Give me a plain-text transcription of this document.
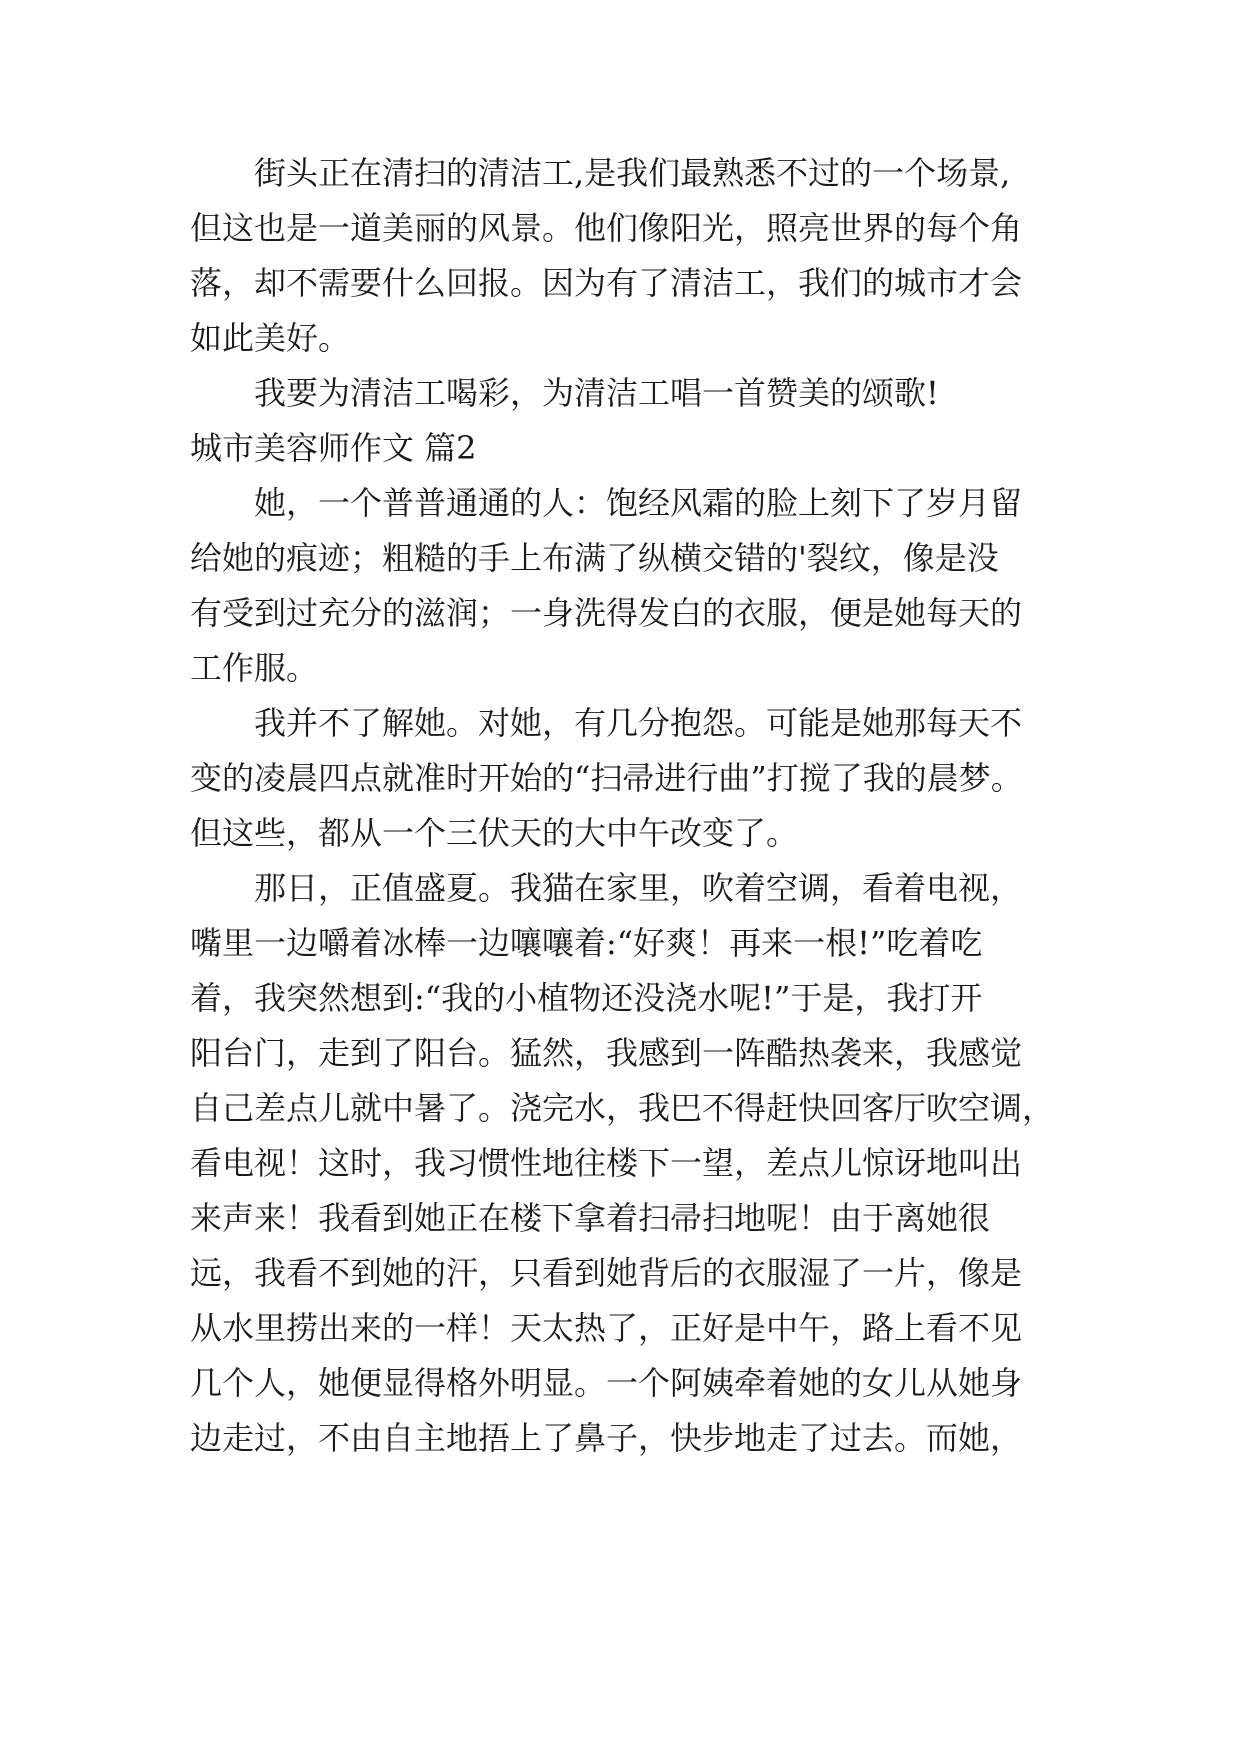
街头正在清扫的清洁工,是我们最熟悉不过的一个场景,
但这也是一道美丽的风景。他们像阳光，照亮世界的每个角
落，却不需要什么回报。因为有了清洁工，我们的城市才会
如此美好。
我要为清洁工喝彩，为清洁工唱一首赞美的颂歌!
城市美容师作文 篇2
她，一个普普通通的人：饱经风霜的脸上刻下了岁月留
给她的痕迹；粗糙的手上布满了纵横交错的'裂纹，像是没
有受到过充分的滋润；一身洗得发白的衣服，便是她每天的
工作服。
我并不了解她。对她，有几分抱怨。可能是她那每天不
变的凌晨四点就准时开始的“扫帚进行曲”打搅了我的晨梦。
但这些，都从一个三伏天的大中午改变了。
那日，正值盛夏。我猫在家里，吹着空调，看着电视，
嘴里一边嚼着冰棒一边嚷嚷着:“好爽！再来一根!”吃着吃
着，我突然想到:“我的小植物还没浇水呢!”于是，我打开
阳台门，走到了阳台。猛然，我感到一阵酷热袭来，我感觉
自己差点儿就中暑了。浇完水，我巴不得赶快回客厅吹空调，
看电视！这时，我习惯性地往楼下一望，差点儿惊讶地叫出
来声来！我看到她正在楼下拿着扫帚扫地呢！由于离她很
远，我看不到她的汗，只看到她背后的衣服湿了一片，像是
从水里捞出来的一样！天太热了，正好是中午，路上看不见
几个人，她便显得格外明显。一个阿姨牵着她的女儿从她身
边走过，不由自主地捂上了鼻子，快步地走了过去。而她，
